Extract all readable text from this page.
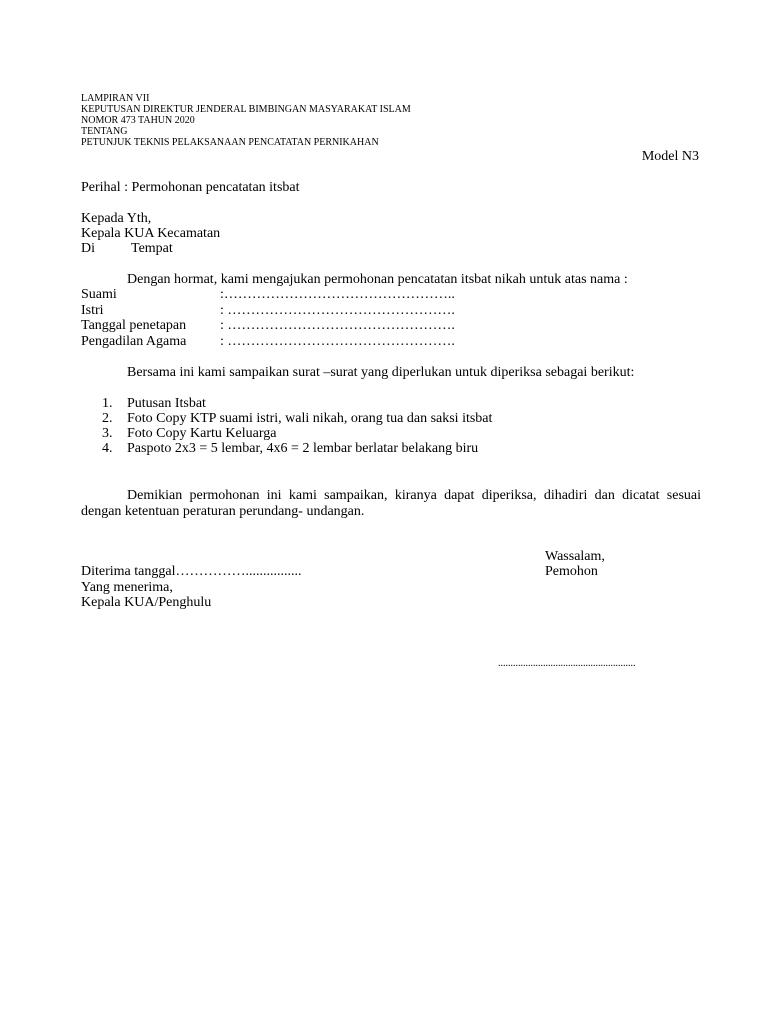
LAMPIRAN VII
KEPUTUSAN DIREKTUR JENDERAL BIMBINGAN MASYARAKAT ISLAM
NOMOR 473 TAHUN 2020
TENTANG
PETUNJUK TEKNIS PELAKSANAAN PENCATATAN PERNIKAHAN
Model N3
Perihal : Permohonan pencatatan itsbat
Kepada Yth,
Kepala KUA Kecamatan
Di	Tempat
Dengan hormat, kami mengajukan permohonan pencatatan itsbat nikah untuk atas nama :
Suami	:…………………………………………..
Istri	: ………………………………………….
Tanggal penetapan : ………………………………………….
Pengadilan Agama : ………………………………………….
Bersama ini kami sampaikan surat –surat yang diperlukan untuk diperiksa sebagai berikut:
1. Putusan Itsbat
2. Foto Copy KTP suami istri, wali nikah, orang tua dan saksi itsbat
3. Foto Copy Kartu Keluarga
4. Paspoto 2x3 = 5 lembar, 4x6 = 2 lembar berlatar belakang biru
Demikian permohonan ini kami sampaikan, kiranya dapat diperiksa, dihadiri dan dicatat sesuai dengan ketentuan peraturan perundang- undangan.
Wassalam,
Pemohon
Diterima tanggal……………................
Yang menerima,
Kepala KUA/Penghulu
.......................................................
